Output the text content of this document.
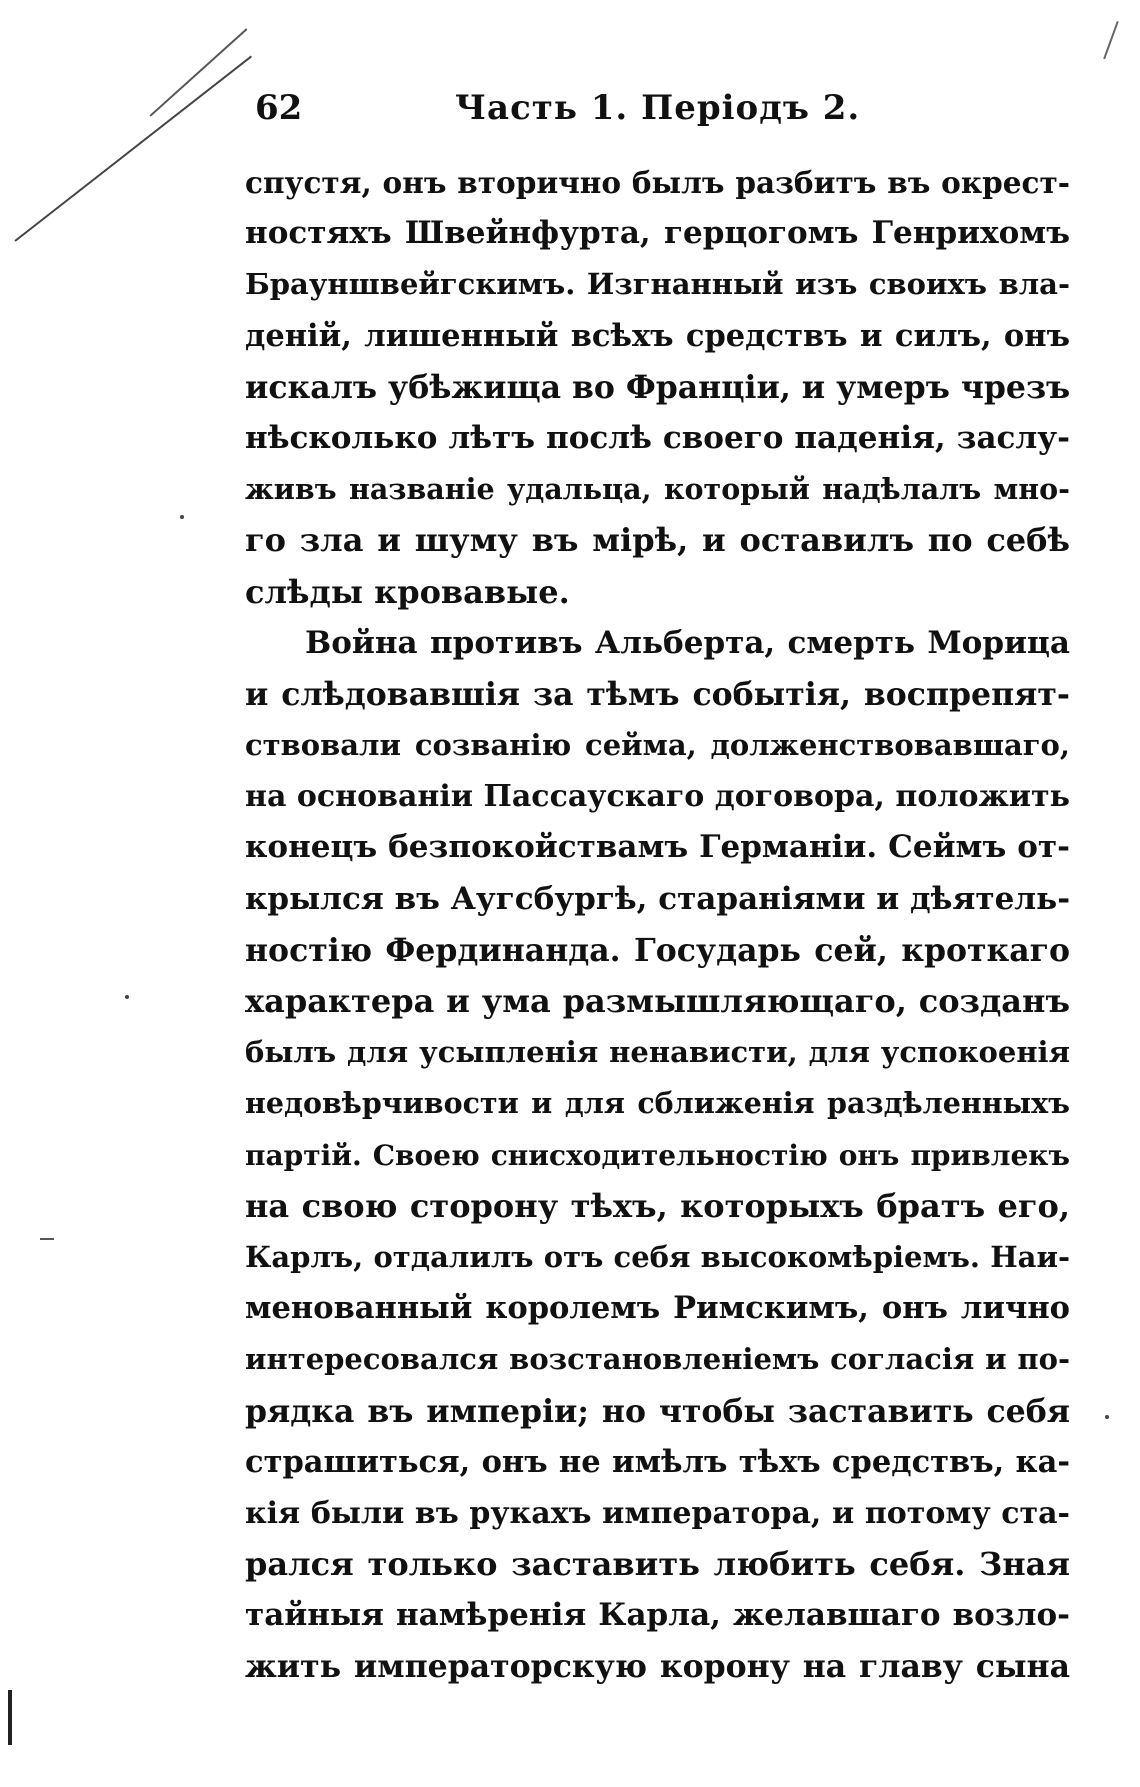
62	Часть 1. Періодъ 2.
спустя, онъ вторично былъ разбитъ въ окрест-
ностяхъ Швейнфурта, герцогомъ Генрихомъ
Брауншвейгскимъ. Изгнанный изъ своихъ вла-
деній, лишенный всѣхъ средствъ и силъ, онъ
искалъ убѣжища во Франціи, и умеръ чрезъ
нѣсколько лѣтъ послѣ своего паденія, заслу-
живъ названіе удальца, который надѣлалъ мно-
го зла и шуму въ мірѣ, и оставилъ по себѣ
слѣды кровавые.
Война противъ Альберта, смерть Морица
и слѣдовавшія за тѣмъ событія, воспрепят-
ствовали созванію сейма, долженствовавшаго,
на основаніи Пассаускаго договора, положить
конецъ безпокойствамъ Германіи. Сеймъ от-
крылся въ Аугсбургѣ, стараніями и дѣятель-
ностію Фердинанда. Государь сей, кроткаго
характера и ума размышляющаго, созданъ
былъ для усыпленія ненависти, для успокоенія
недовѣрчивости и для сближенія раздѣленныхъ
партій. Своею снисходительностію онъ привлекъ
на свою сторону тѣхъ, которыхъ братъ его,
Карлъ, отдалилъ отъ себя высокомѣріемъ. Наи-
менованный королемъ Римскимъ, онъ лично
интересовался возстановленіемъ согласія и по-
рядка въ имперіи; но чтобы заставить себя
страшиться, онъ не имѣлъ тѣхъ средствъ, ка-
кія были въ рукахъ императора, и потому ста-
рался только заставить любить себя. Зная
тайныя намѣренія Карла, желавшаго возло-
жить императорскую корону на главу сына
